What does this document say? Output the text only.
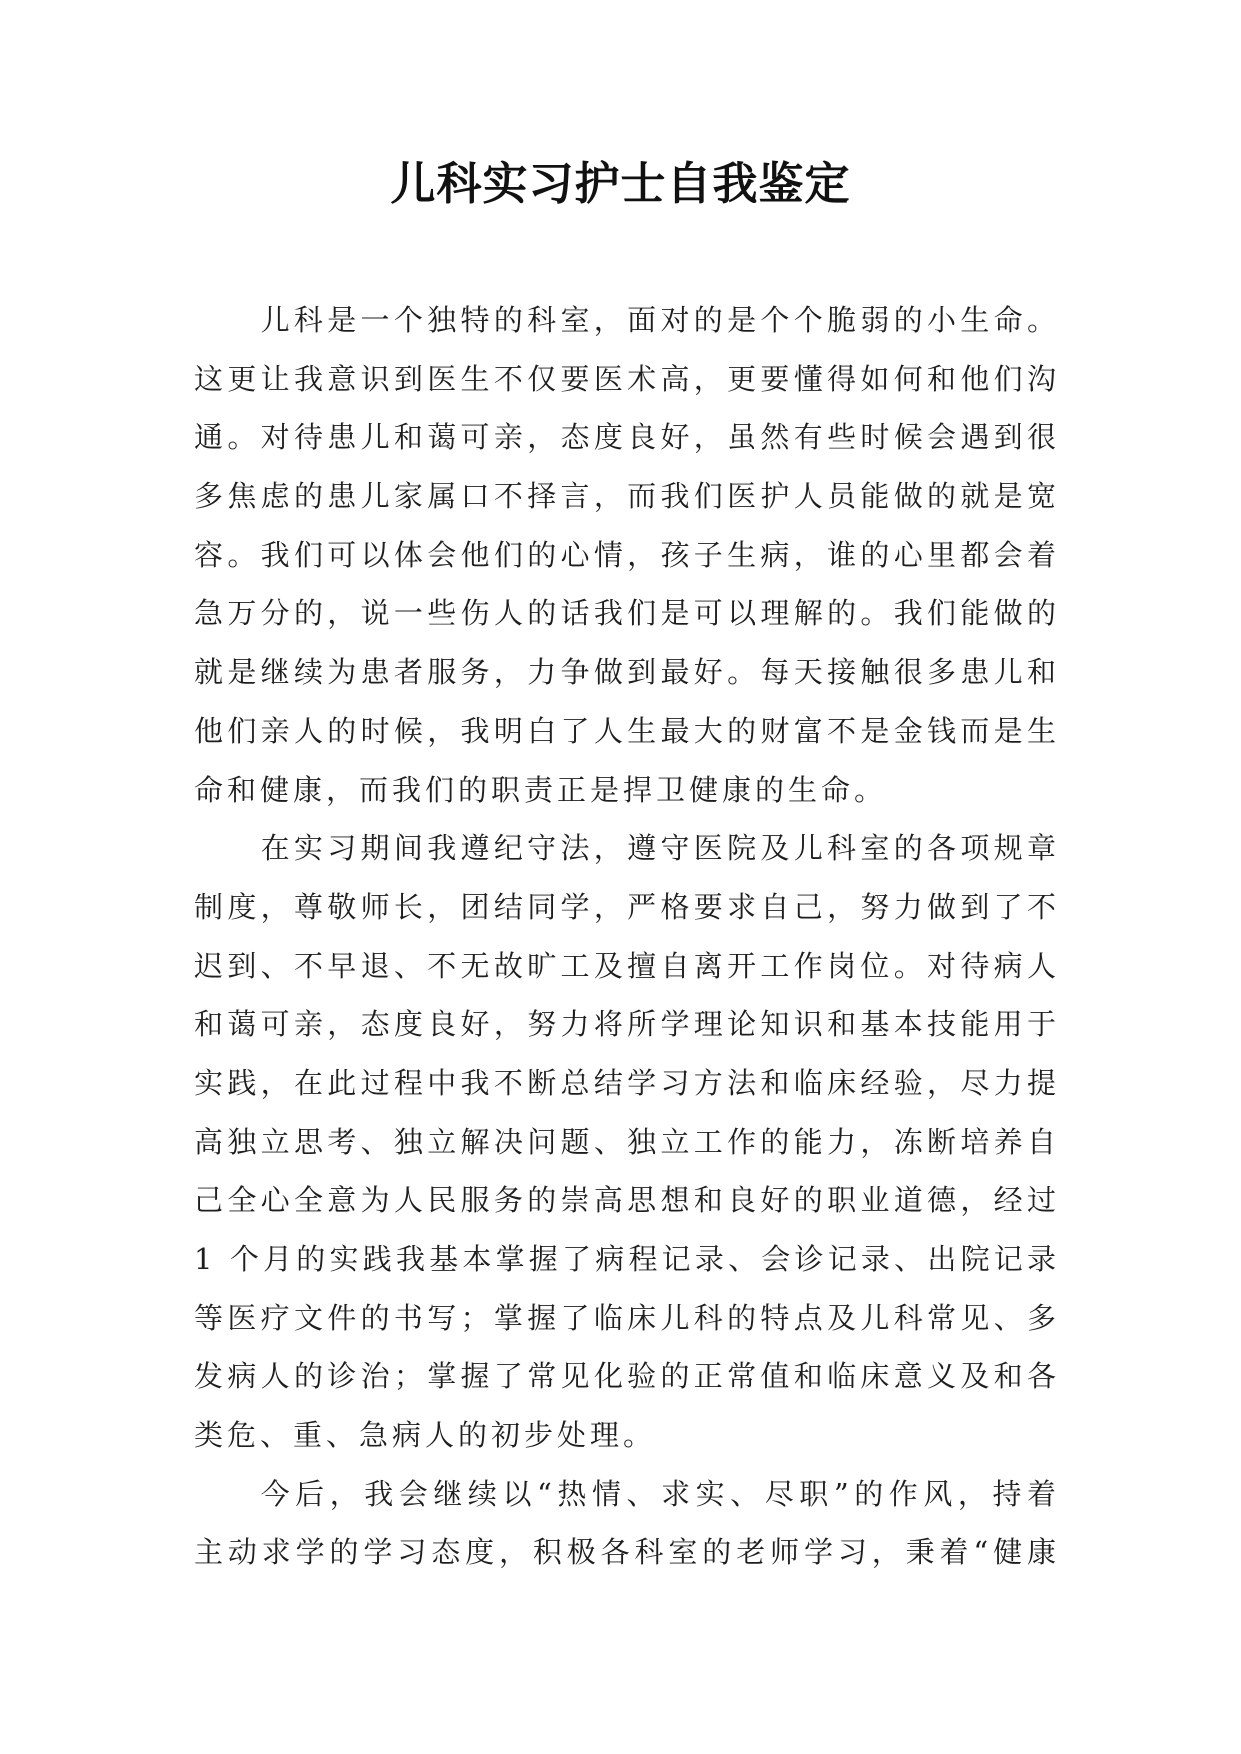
儿科实习护士自我鉴定
儿科是一个独特的科室，面对的是个个脆弱的小生命。
这更让我意识到医生不仅要医术高，更要懂得如何和他们沟
通。对待患儿和蔼可亲，态度良好，虽然有些时候会遇到很
多焦虑的患儿家属口不择言，而我们医护人员能做的就是宽
容。我们可以体会他们的心情，孩子生病，谁的心里都会着
急万分的，说一些伤人的话我们是可以理解的。我们能做的
就是继续为患者服务，力争做到最好。每天接触很多患儿和
他们亲人的时候，我明白了人生最大的财富不是金钱而是生
命和健康，而我们的职责正是捍卫健康的生命。
在实习期间我遵纪守法，遵守医院及儿科室的各项规章
制度，尊敬师长，团结同学，严格要求自己，努力做到了不
迟到、不早退、不无故旷工及擅自离开工作岗位。对待病人
和蔼可亲，态度良好，努力将所学理论知识和基本技能用于
实践，在此过程中我不断总结学习方法和临床经验，尽力提
高独立思考、独立解决问题、独立工作的能力，冻断培养自
己全心全意为人民服务的崇高思想和良好的职业道德，经过
1 个月的实践我基本掌握了病程记录、会诊记录、出院记录
等医疗文件的书写；掌握了临床儿科的特点及儿科常见、多
发病人的诊治；掌握了常见化验的正常值和临床意义及和各
类危、重、急病人的初步处理。
今后，我会继续以“热情、求实、尽职”的作风，持着
主动求学的学习态度，积极各科室的老师学习，秉着“健康
